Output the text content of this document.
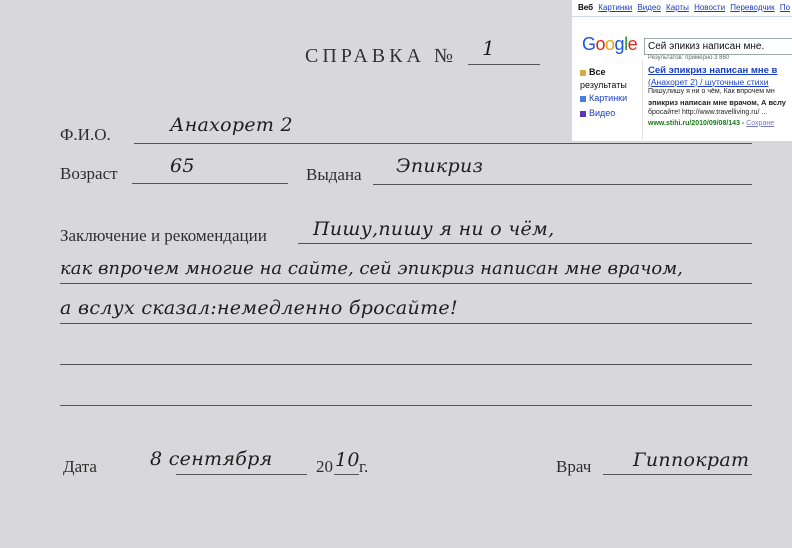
СПРАВКА № 1
Ф.И.О.	Анахорет 2
Возраст	65	Выдана Эпикриз
Заключение и рекомендации Пишу,пишу я ни о чём,
как впрочем многие на сайте, сей эпикриз написан мне врачом,
а вслух сказал:немедленно бросайте!
Дата	8 сентября	20 10 г.	Врач Гиппократ
Веб Картинки Видео Карты Новости Переводчик По
Google	Сей эпикиз написан мне.
Результатов: примерно 3 860
Все
результаты
Картинки
Видео
Сей эпикриз написан мне в
(Анахорет 2) / шуточные стихи
Пишу,пишу я ни о чём, Как впрочем мн
эпикриз написан мне врачом, А вслу
бросайте! http://www.travelliving.ru/ ...
www.stihi.ru/2010/09/08/143 - Сохране
